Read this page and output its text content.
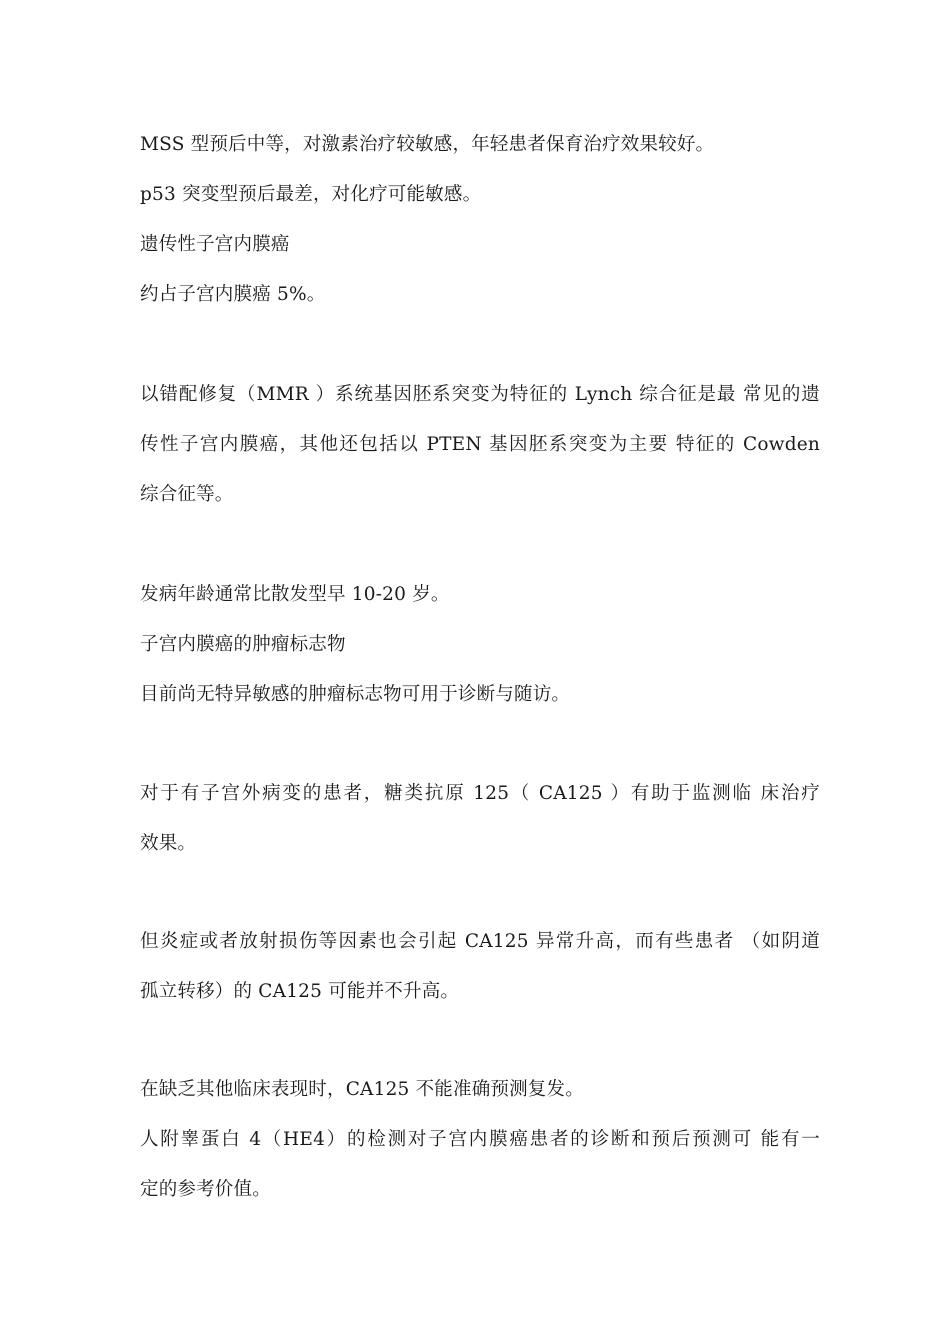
MSS 型预后中等，对激素治疗较敏感，年轻患者保育治疗效果较好。
p53 突变型预后最差，对化疗可能敏感。
遗传性子宫内膜癌
约占子宫内膜癌 5%。
以错配修复（MMR ）系统基因胚系突变为特征的 Lynch 综合征是最 常见的遗
传性子宫内膜癌，其他还包括以 PTEN 基因胚系突变为主要 特征的 Cowden
综合征等。
发病年龄通常比散发型早 10-20 岁。
子宫内膜癌的肿瘤标志物
目前尚无特异敏感的肿瘤标志物可用于诊断与随访。
对于有子宫外病变的患者，糖类抗原 125（ CA125 ）有助于监测临 床治疗
效果。
但炎症或者放射损伤等因素也会引起 CA125 异常升高，而有些患者 （如阴道
孤立转移）的 CA125 可能并不升高。
在缺乏其他临床表现时，CA125 不能准确预测复发。
人附睾蛋白 4（HE4）的检测对子宫内膜癌患者的诊断和预后预测可 能有一
定的参考价值。
